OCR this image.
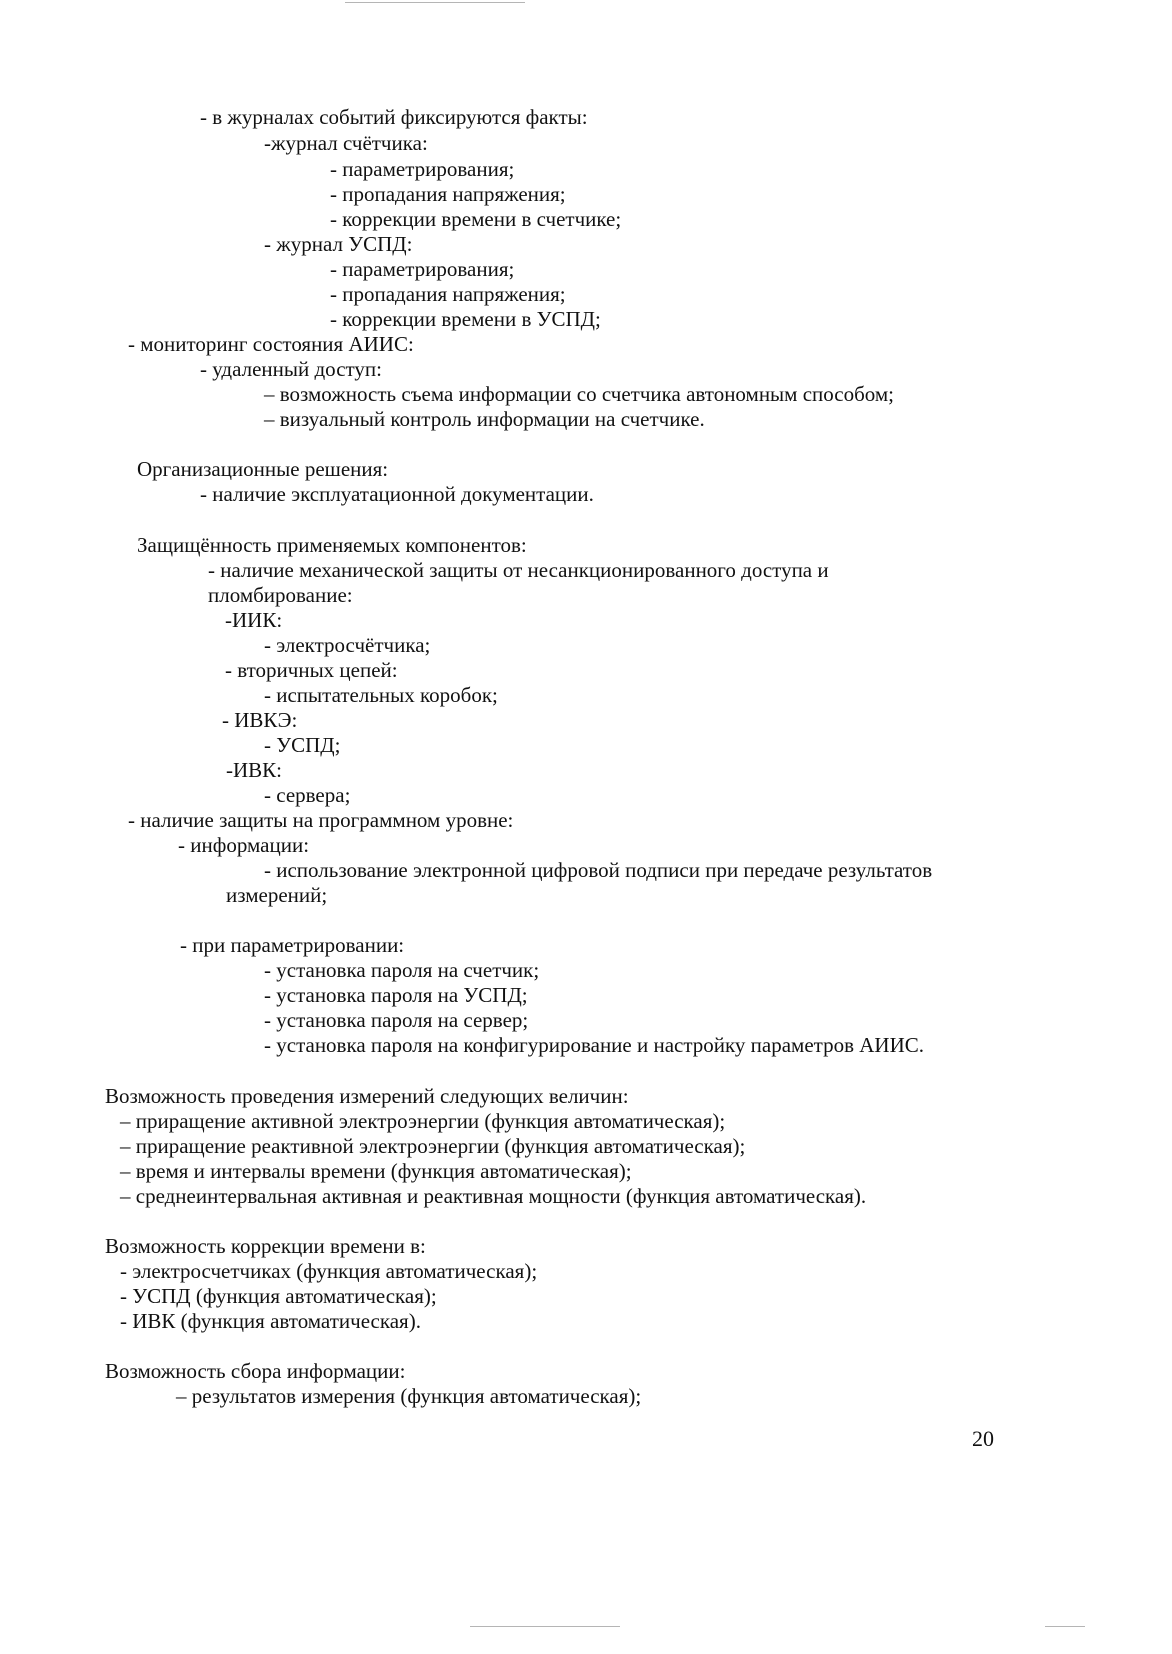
- в журналах событий фиксируются факты:
-журнал счётчика:
- параметрирования;
- пропадания напряжения;
- коррекции времени в счетчике;
- журнал УСПД:
- параметрирования;
- пропадания напряжения;
- коррекции времени в УСПД;
- мониторинг состояния АИИС:
- удаленный доступ:
– возможность съема информации со счетчика автономным способом;
– визуальный контроль информации на счетчике.
Организационные решения:
- наличие эксплуатационной документации.
Защищённость применяемых компонентов:
- наличие механической защиты от несанкционированного доступа и
пломбирование:
-ИИК:
- электросчётчика;
- вторичных цепей:
- испытательных коробок;
- ИВКЭ:
- УСПД;
-ИВК:
- сервера;
- наличие защиты на программном уровне:
- информации:
- использование электронной цифровой подписи при передаче результатов
измерений;
- при параметрировании:
- установка пароля на счетчик;
- установка пароля на УСПД;
- установка пароля на сервер;
- установка пароля на конфигурирование и настройку параметров АИИС.
Возможность проведения измерений следующих величин:
– приращение активной электроэнергии (функция автоматическая);
– приращение реактивной электроэнергии (функция автоматическая);
– время и интервалы времени (функция автоматическая);
– среднеинтервальная активная и реактивная мощности (функция автоматическая).
Возможность коррекции времени в:
- электросчетчиках (функция автоматическая);
- УСПД (функция автоматическая);
- ИВК (функция автоматическая).
Возможность сбора информации:
– результатов измерения (функция автоматическая);
20
